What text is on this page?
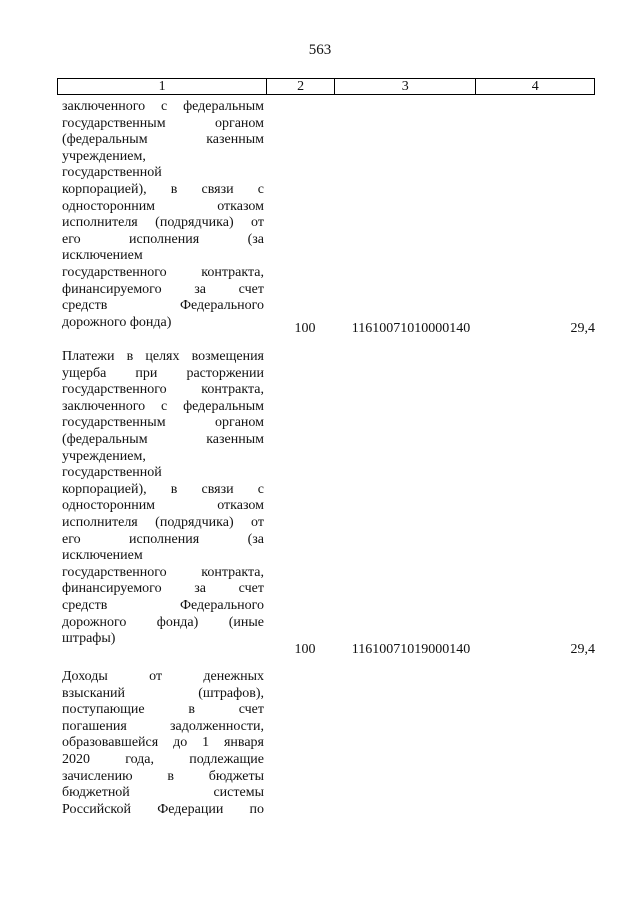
563
1	2	3	4
заключенного с федеральным
государственным органом
(федеральным казенным
учреждением,
государственной
корпорацией), в связи с
односторонним отказом
исполнителя (подрядчика) от
его исполнения (за
исключением
государственного контракта,
финансируемого за счет
средств Федерального
дорожного фонда)	100	11610071010000140	29,4
Платежи в целях возмещения
ущерба при расторжении
государственного контракта,
заключенного с федеральным
государственным органом
(федеральным казенным
учреждением,
государственной
корпорацией), в связи с
односторонним отказом
исполнителя (подрядчика) от
его исполнения (за
исключением
государственного контракта,
финансируемого за счет
средств Федерального
дорожного фонда) (иные
штрафы)
100	11610071019000140	29,4
Доходы от денежных
взысканий (штрафов),
поступающие в счет
погашения задолженности,
образовавшейся до 1 января
2020 года, подлежащие
зачислению в бюджеты
бюджетной системы
Российской Федерации по
